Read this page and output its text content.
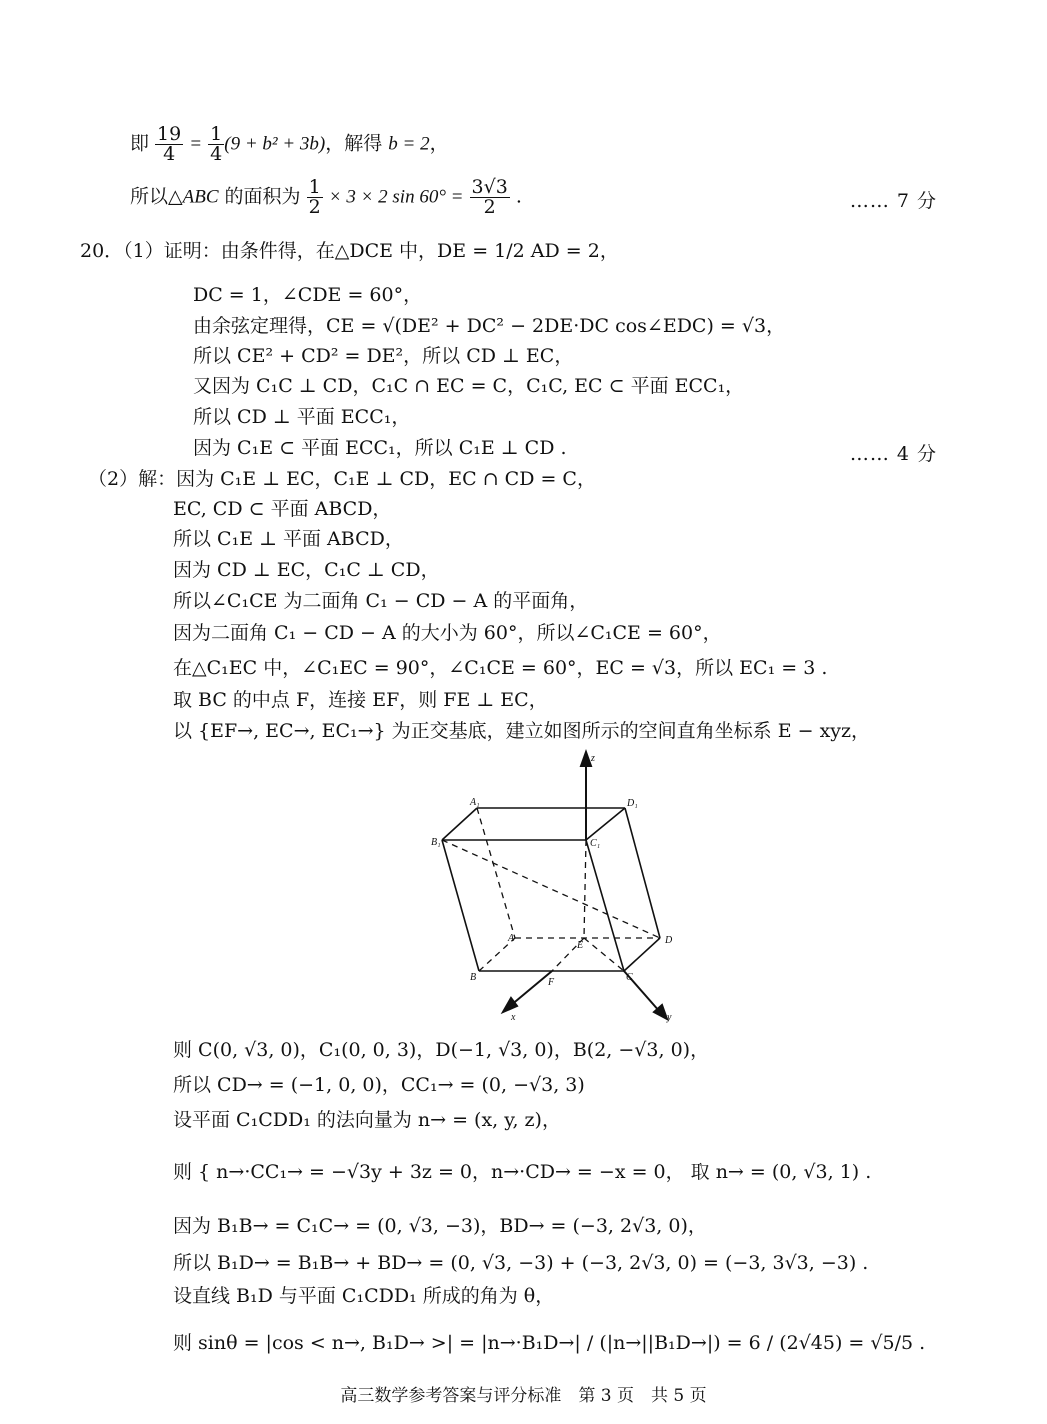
即 $\frac{19}{4} = \frac{1}{4} (9 + b^2 + 3b)$，解得 b = 2，
所以△ABC 的面积为 $\frac{1}{2} \times 3 \times 2$ $\sin 60^\circ = \frac{3√3}{2}$ .	…… 7 分
20．（1）证明：由条件得，在△DCE 中，DE = 1/2 AD = 2，
DC = 1，∠CDE = 60°，
由余弦定理得，CE = √(DE² + DC² − 2DE·DC cos∠EDC) = √3，
所以 CE² + CD² = DE²，所以 CD ⊥ EC，
又因为 C₁C ⊥ CD，C₁C ∩ EC = C，C₁C, EC ⊂ 平面 ECC₁，
所以 CD ⊥ 平面 ECC₁，
因为 C₁E ⊂ 平面 ECC₁，所以 C₁E ⊥ CD .	…… 4 分
（2）解：因为 C₁E ⊥ EC，C₁E ⊥ CD，EC ∩ CD = C，
EC, CD ⊂ 平面 ABCD，
所以 C₁E ⊥ 平面 ABCD，
因为 CD ⊥ EC，C₁C ⊥ CD，
所以∠C₁CE 为二面角 C₁ − CD − A 的平面角，
因为二面角 C₁ − CD − A 的大小为 60°，所以∠C₁CE = 60°，
在△C₁EC 中，∠C₁EC = 90°，∠C₁CE = 60°，EC = √3，所以 EC₁ = 3 .
取 BC 的中点 F，连接 EF，则 FE ⊥ EC，
以 {EF→, EC→, EC₁→} 为正交基底，建立如图所示的空间直角坐标系 E − xyz，
A₁	D₁
B₁	C₁
A	D
E
B	F	C
z
x	y
则 C(0, √3, 0)，C₁(0, 0, 3)，D(−1, √3, 0)，B(2, −√3, 0)，
所以 CD→ = (−1, 0, 0)，CC₁→ = (0, −√3, 3)
设平面 C₁CDD₁ 的法向量为 n→ = (x, y, z)，
则 { n→·CC₁→ = −√3y + 3z = 0，n→·CD→ = −x = 0， 取 n→ = (0, √3, 1) .
因为 B₁B→ = C₁C→ = (0, √3, −3)，BD→ = (−3, 2√3, 0)，
所以 B₁D→ = B₁B→ + BD→ = (0, √3, −3) + (−3, 2√3, 0) = (−3, 3√3, −3) .
设直线 B₁D 与平面 C₁CDD₁ 所成的角为 θ，
则 sinθ = |cos < n→, B₁D→ >| = |n→·B₁D→| / (|n→||B₁D→|) = 6 / (2√45) = √5/5 .
高三数学参考答案与评分标准　第 3 页　共 5 页
